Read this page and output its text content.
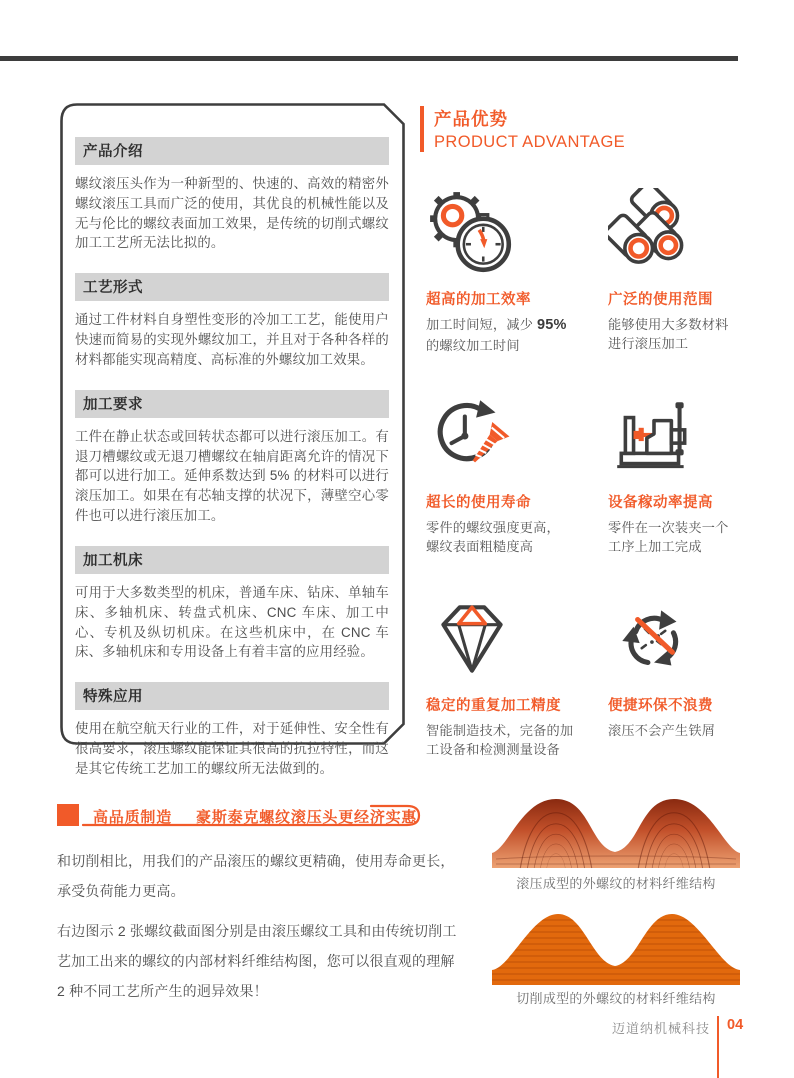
产品介绍
螺纹滚压头作为一种新型的、快速的、高效的精密外螺纹滚压工具而广泛的使用，其优良的机械性能以及无与伦比的螺纹表面加工效果，是传统的切削式螺纹加工工艺所无法比拟的。
工艺形式
通过工件材料自身塑性变形的冷加工工艺，能使用户快速而简易的实现外螺纹加工，并且对于各种各样的材料都能实现高精度、高标准的外螺纹加工效果。
加工要求
工件在静止状态或回转状态都可以进行滚压加工。有退刀槽螺纹或无退刀槽螺纹在轴肩距离允许的情况下都可以进行加工。延伸系数达到 5% 的材料可以进行滚压加工。如果在有芯轴支撑的状况下，薄壁空心零件也可以进行滚压加工。
加工机床
可用于大多数类型的机床，普通车床、钻床、单轴车床、多轴机床、转盘式机床、CNC 车床、加工中心、专机及纵切机床。在这些机床中，在 CNC 车床、多轴机床和专用设备上有着丰富的应用经验。
特殊应用
使用在航空航天行业的工件，对于延伸性、安全性有很高要求，滚压螺纹能保证其很高的抗拉特性，而这是其它传统工艺加工的螺纹所无法做到的。
产品优势
PRODUCT ADVANTAGE
超高的加工效率
加工时间短，减少 95%
的螺纹加工时间
广泛的使用范围
能够使用大多数材料
进行滚压加工
超长的使用寿命
零件的螺纹强度更高，
螺纹表面粗糙度高
设备稼动率提高
零件在一次装夹一个
工序上加工完成
稳定的重复加工精度
智能制造技术，完备的加
工设备和检测测量设备
便捷环保不浪费
滚压不会产生铁屑

高品质制造 豪斯泰克螺纹滚压头更经济实惠
和切削相比，用我们的产品滚压的螺纹更精确，使用寿命更长，承受负荷能力更高。
右边图示 2 张螺纹截面图分别是由滚压螺纹工具和由传统切削工艺加工出来的螺纹的内部材料纤维结构图，您可以很直观的理解 2 种不同工艺所产生的迥异效果！
滚压成型的外螺纹的材料纤维结构
切削成型的外螺纹的材料纤维结构
迈道纳机械科技 04
